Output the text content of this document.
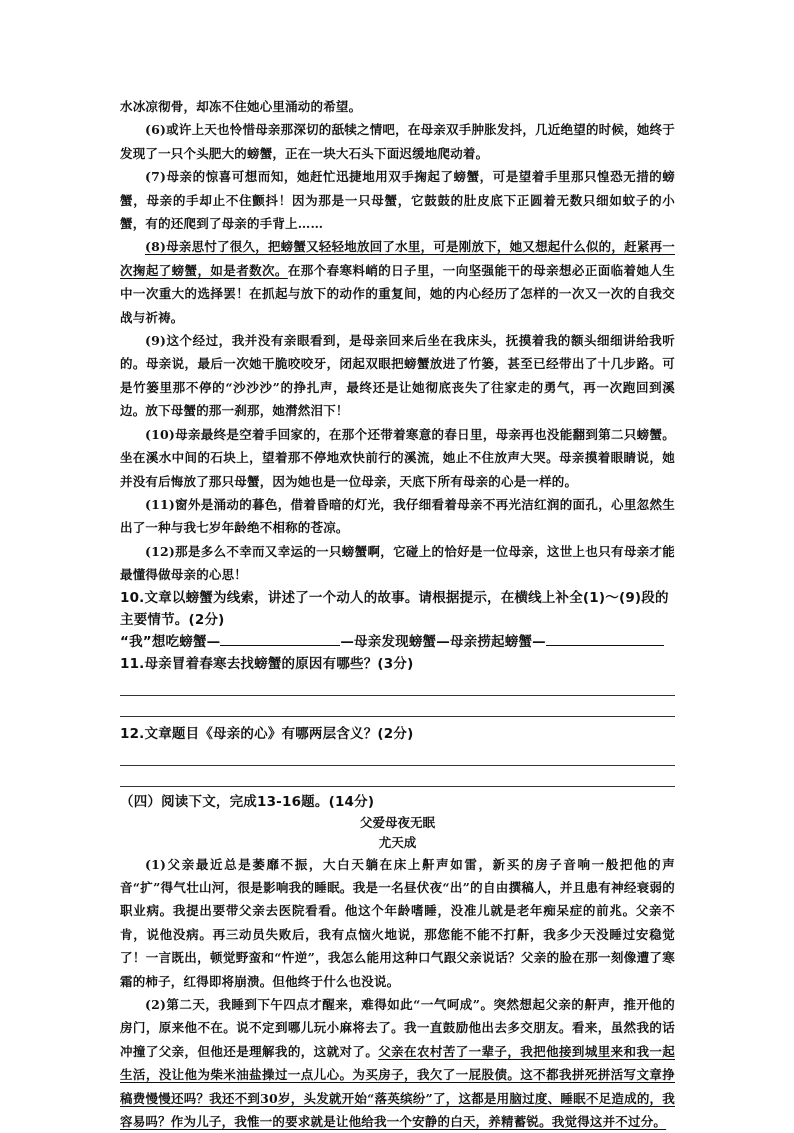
水冰凉彻骨，却冻不住她心里涌动的希望。

(6)或许上天也怜惜母亲那深切的舐犊之情吧，在母亲双手肿胀发抖，几近绝望的时候，她终于发现了一只个头肥大的螃蟹，正在一块大石头下面迟缓地爬动着。

(7)母亲的惊喜可想而知，她赶忙迅捷地用双手掬起了螃蟹，可是望着手里那只惶恐无措的螃蟹，母亲的手却止不住颤抖！因为那是一只母蟹，它鼓鼓的肚皮底下正圆着无数只细如蚊子的小蟹，有的还爬到了母亲的手背上……

(8)母亲思忖了很久，把螃蟹又轻轻地放回了水里，可是刚放下，她又想起什么似的，赶紧再一次掬起了螃蟹，如是者数次。在那个春寒料峭的日子里，一向坚强能干的母亲想必正面临着她人生中一次重大的选择罢！在抓起与放下的动作的重复间，她的内心经历了怎样的一次又一次的自我交战与祈祷。

(9)这个经过，我并没有亲眼看到，是母亲回来后坐在我床头，抚摸着我的额头细细讲给我听的。母亲说，最后一次她干脆咬咬牙，闭起双眼把螃蟹放进了竹篓，甚至已经带出了十几步路。可是竹篓里那不停的“沙沙沙”的挣扎声，最终还是让她彻底丧失了往家走的勇气，再一次跑回到溪边。放下母蟹的那一刹那，她潸然泪下！

(10)母亲最终是空着手回家的，在那个还带着寒意的春日里，母亲再也没能翻到第二只螃蟹。坐在溪水中间的石块上，望着那不停地欢快前行的溪流，她止不住放声大哭。母亲摸着眼睛说，她并没有后悔放了那只母蟹，因为她也是一位母亲，天底下所有母亲的心是一样的。

(11)窗外是涌动的暮色，借着昏暗的灯光，我仔细看着母亲不再光洁红润的面孔，心里忽然生出了一种与我七岁年龄绝不相称的苍凉。

(12)那是多么不幸而又幸运的一只螃蟹啊，它碰上的恰好是一位母亲，这世上也只有母亲才能最懂得做母亲的心思！

10.文章以螃蟹为线索，讲述了一个动人的故事。请根据提示，在横线上补全(1)～(9)段的主要情节。(2分)

“我”想吃螃蟹—	—母亲发现螃蟹—母亲捞起螃蟹—

11.母亲冒着春寒去找螃蟹的原因有哪些？(3分)

12.文章题目《母亲的心》有哪两层含义？(2分)

（四）阅读下文，完成13-16题。(14分)

父爱母夜无眠

尤天成

(1)父亲最近总是萎靡不振，大白天躺在床上鼾声如雷，新买的房子音响一般把他的声音“扩”得气壮山河，很是影响我的睡眠。我是一名昼伏夜“出”的自由撰稿人，并且患有神经衰弱的职业病。我提出要带父亲去医院看看。他这个年龄嗜睡，没准儿就是老年痴呆症的前兆。父亲不肯，说他没病。再三动员失败后，我有点恼火地说，那您能不能不打鼾，我多少天没睡过安稳觉了！一言既出，顿觉野蛮和“忤逆”，我怎么能用这种口气跟父亲说话？父亲的脸在那一刻像遭了寒霜的柿子，红得即将崩溃。但他终于什么也没说。

(2)第二天，我睡到下午四点才醒来，难得如此“一气呵成”。突然想起父亲的鼾声，推开他的房门，原来他不在。说不定到哪儿玩小麻将去了。我一直鼓励他出去多交朋友。看来，虽然我的话冲撞了父亲，但他还是理解我的，这就对了。父亲在农村苦了一辈子，我把他接到城里来和我一起生活，没让他为柴米油盐操过一点儿心。为买房子，我欠了一屁股债。这不都我拼死拼活写文章挣稿费慢慢还吗？我还不到30岁，头发就开始“落英缤纷”了，这都是用脑过度、睡眠不足造成的，我容易吗？作为儿子，我惟一的要求就是让他给我一个安静的白天，养精蓄锐。我觉得这并不过分。
